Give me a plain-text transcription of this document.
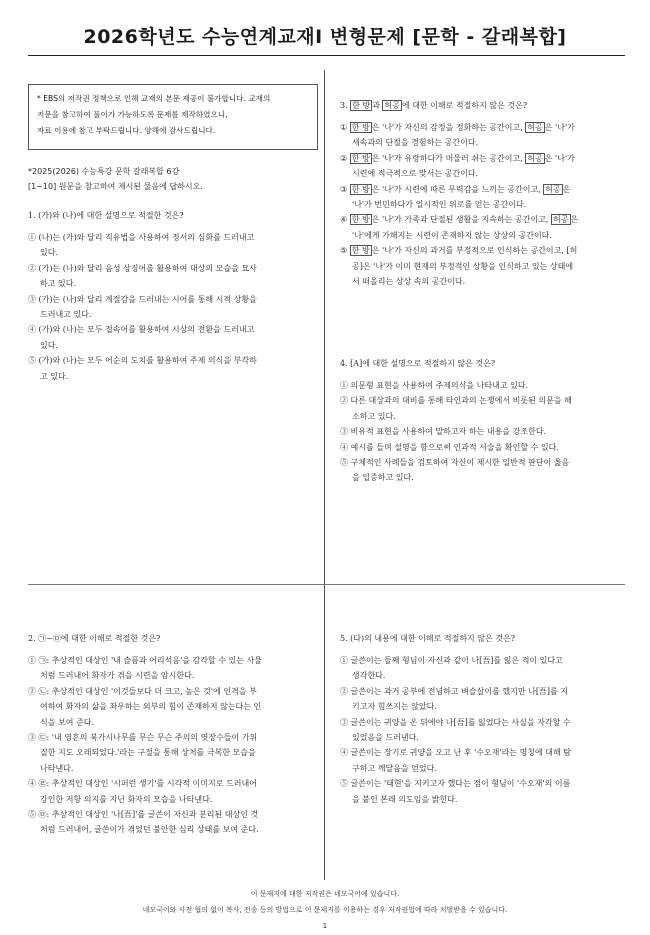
2026학년도 수능연계교재Ⅰ 변형문제 [문학 - 갈래복합]

* EBS의 저작권 정책으로 인해 교재의 본문 제공이 불가합니다. 교재의

지문을 참고하여 풀이가 가능하도록 문제를 제작하였으니,

자료 이용에 참고 부탁드립니다. 양해에 감사드립니다.

*2025(2026) 수능특강 문학 갈래복합 6강
[1~10] 원문을 참고하여 제시된 물음에 답하시오.
1. (가)와 (나)에 대한 설명으로 적절한 것은?
① (나)는 (가)와 달리 직유법을 사용하여 정서의 심화를 드러내고
있다.
② (가)는 (나)와 달리 음성 상징어를 활용하여 대상의 모습을 묘사
하고 있다.
③ (가)는 (나)와 달리 계절감을 드러내는 시어를 통해 시적 상황을
드러내고 있다.
④ (가)와 (나)는 모두 접속어를 활용하여 시상의 전환을 드러내고
있다.
⑤ (가)와 (나)는 모두 어순의 도치를 활용하여 주제 의식을 부각하
고 있다.
2. ㉠~㉤에 대한 이해로 적절한 것은?
① ㉠: 추상적인 대상인 '내 슬픔과 어리석음'을 감각할 수 있는 사물
처럼 드러내어 화자가 겪을 시련을 암시한다.
② ㉡: 추상적인 대상인 '이것들보다 더 크고, 높은 것'에 인격을 부
여하여 화자의 삶을 좌우하는 외부의 힘이 존재하지 않는다는 인
식을 보여 준다.
③ ㉢: '내 영혼의 북가시나무를 무슨 무슨 주의의 엿장수들이 가위
질한 지도 오래되었다.'라는 구절을 통해 상처를 극복한 모습을
나타낸다.
④ ㉣: 추상적인 대상인 '시퍼런 생기'를 시각적 이미지로 드러내어
강인한 저항 의지를 지닌 화자의 모습을 나타낸다.
⑤ ㉤: 추상적인 대상인 '나[吾]'를 글쓴이 자신과 분리된 대상인 것
처럼 드러내어, 글쓴이가 겪었던 불안한 심리 상태를 보여 준다.
3. 한 방 과 허공 에 대한 이해로 적절하지 않은 것은?
① 한 방 은 '나'가 자신의 감정을 정화하는 공간이고, 허공 은 '나'가
세속과의 단절을 경험하는 공간이다.
② 한 방 은 '나'가 유랑하다가 머물러 쉬는 공간이고, 허공 은 '나'가
시련에 적극적으로 맞서는 공간이다.
③ 한 방 은 '나'가 시련에 따른 무력감을 느끼는 공간이고, 허공 은
'나'가 번민하다가 일시적인 위로를 얻는 공간이다.
④ 한 방 은 '나'가 가족과 단절된 생활을 지속하는 공간이고, 허공 은
'나'에게 가해지는 시련이 존재하지 않는 상상의 공간이다.
⑤ 한 방 은 '나'가 자신의 과거를 부정적으로 인식하는 공간이고, [허
공]은 '나'가 이미 현재의 부정적인 상황을 인식하고 있는 상태에
서 떠올리는 상상 속의 공간이다.
4. [A]에 대한 설명으로 적절하지 않은 것은?
① 의문형 표현을 사용하여 주제의식을 나타내고 있다.
② 다른 대상과의 대비를 통해 타인과의 논쟁에서 비롯된 의문을 해
소하고 있다.
③ 비유적 표현을 사용하여 말하고자 하는 내용을 강조한다.
④ 예시를 들며 설명을 함으로써 인과적 서술을 확인할 수 있다.
⑤ 구체적인 사례들을 검토하여 자신이 제시한 일반적 판단이 옳음
을 입증하고 있다.
5. (다)의 내용에 대한 이해로 적절하지 않은 것은?
① 글쓴이는 둘째 형님이 자신과 같이 나[吾]를 잃은 적이 있다고
생각한다.
② 글쓴이는 과거 공부에 전념하고 벼슬살이를 했지만 나[吾]를 지
키고자 힘쓰지는 않았다.
③ 글쓴이는 귀양을 온 뒤에야 나[吾]를 잃었다는 사실을 자각할 수
있었음을 드러낸다.
④ 글쓴이는 장기로 귀양을 오고 난 후 '수오재'라는 명칭에 대해 탐
구하고 깨달음을 얻었다.
⑤ 글쓴이는 '태현'을 지키고자 했다는 점이 형님이 '수오재'의 이름
을 붙인 본래 의도임을 밝힌다.
이 문제지에 대한 저작권은 네모국어에 있습니다.
네모국어와 사전 협의 없이 복사, 전송 등의 방법으로 이 문제지를 이용하는 경우 저작권법에 따라 처벌받을 수 있습니다.
1
